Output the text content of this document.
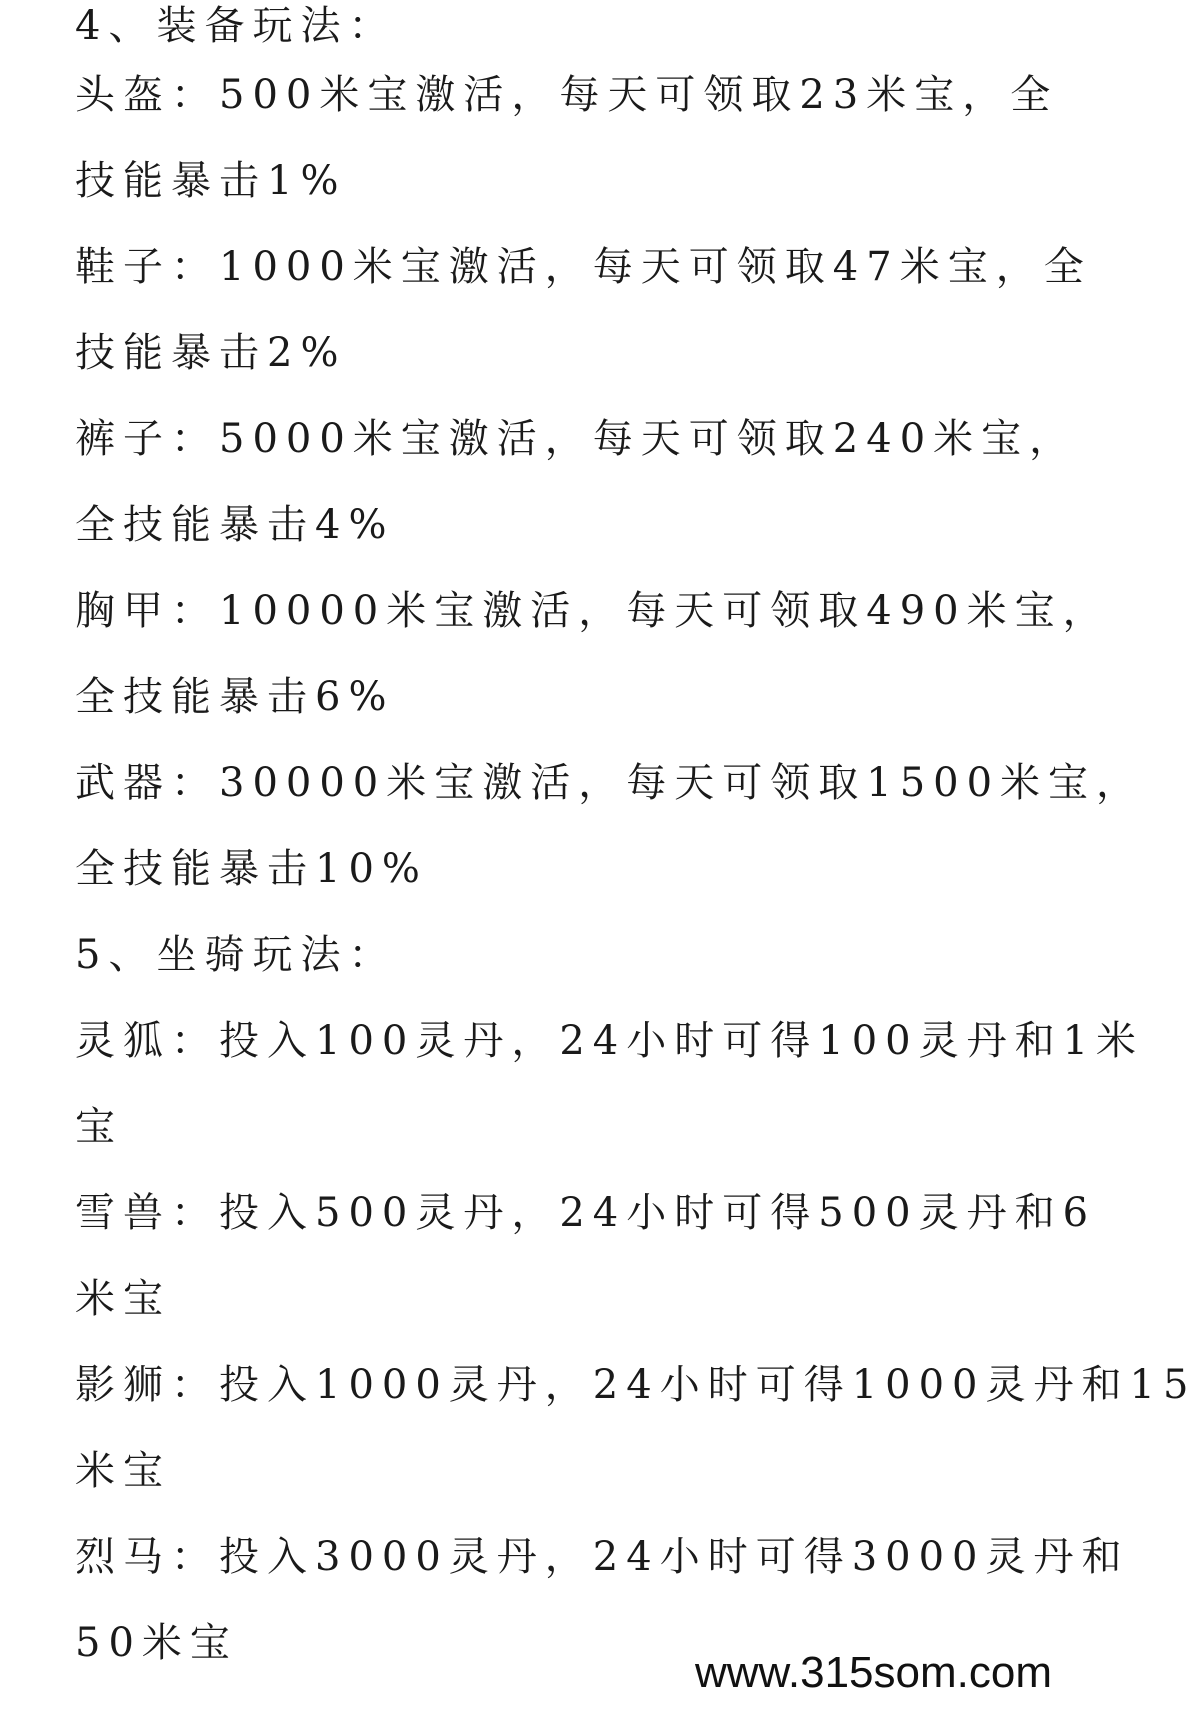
4、装备玩法：
头盔：500米宝激活，每天可领取23米宝，全
技能暴击1%
鞋子：1000米宝激活，每天可领取47米宝，全
技能暴击2%
裤子：5000米宝激活，每天可领取240米宝，
全技能暴击4%
胸甲：10000米宝激活，每天可领取490米宝，
全技能暴击6%
武器：30000米宝激活，每天可领取1500米宝，
全技能暴击10%
5、坐骑玩法：
灵狐：投入100灵丹，24小时可得100灵丹和1米
宝
雪兽：投入500灵丹，24小时可得500灵丹和6
米宝
影狮：投入1000灵丹，24小时可得1000灵丹和15
米宝
烈马：投入3000灵丹，24小时可得3000灵丹和
50米宝
www.315som.com
